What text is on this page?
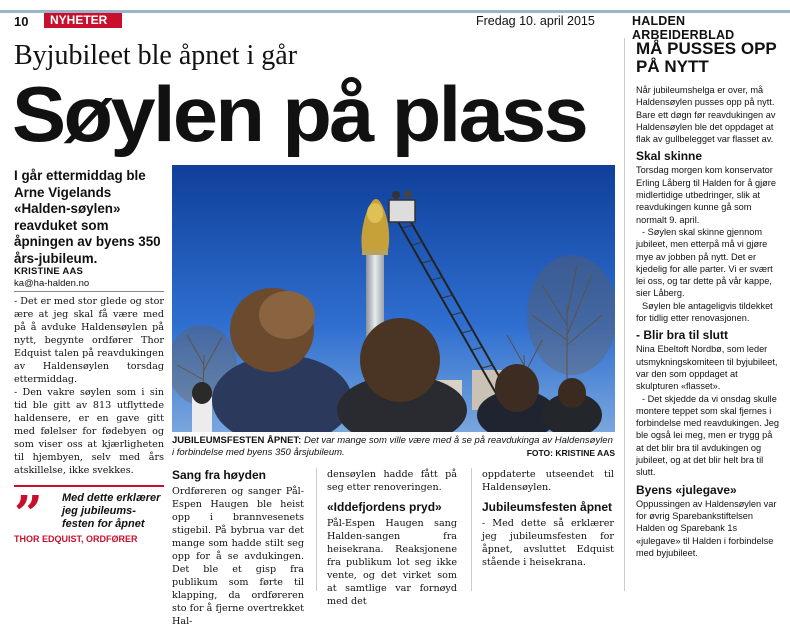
10	NYHETER	Fredag 10. april 2015	HALDEN ARBEIDERBLAD
Byjubileet ble åpnet i går
Søylen på plass
I går ettermiddag ble Arne Vigelands «Halden-søylen» reavduket som åpningen av byens 350 års-jubileum.
KRISTINE AAS
ka@ha-halden.no

- Det er med stor glede og stor ære at jeg skal få være med på å avduke Haldensøylen på nytt, begynte ordfører Thor Edquist talen på reavdukingen av Haldensøylen torsdag ettermiddag.

- Den vakre søylen som i sin tid ble gitt av 813 utflyttede haldensere, er en gave gitt med følelser for fødebyen og som viser oss at kjærligheten til hjembyen, selv med års atskillelse, ikke svekkes.

” Med dette erklærer jeg jubileums-festen for åpnet
THOR EDQUIST, ORDFØRER
JUBILEUMSFESTEN ÅPNET: Det var mange som ville være med å se på reavdukinga av Haldensøylen i forbindelse med byens 350 årsjubileum.	FOTO: KRISTINE AAS
Sang fra høyden
Ordføreren og sanger Pål-Espen Haugen ble heist opp i brannvesenets stigebil. På bybrua var det mange som hadde stilt seg opp for å se avdukingen. Det ble et gisp fra publikum som førte til klapping, da ordføreren sto for å fjerne overtrekket Hal-
densøylen hadde fått på seg etter renoveringen.
«Iddefjordens pryd»
Pål-Espen Haugen sang Halden-sangen fra heisekrana. Reaksjonene fra publikum lot seg ikke vente, og det virket som at samtlige var fornøyd med det
oppdaterte utseendet til Haldensøylen.
Jubileumsfesten åpnet
- Med dette så erklærer jeg jubileumsfesten for åpnet, avsluttet Edquist stående i heisekrana.
MÅ PUSSES OPP PÅ NYTT

Når jubileumshelga er over, må Haldensøylen pusses opp på nytt. Bare ett døgn før reavdukingen av Haldensøylen ble det oppdaget at flak av gullbelegget var flasset av.

Skal skinne

Torsdag morgen kom konservator Erling Låberg til Halden for å gjøre midlertidige utbedringer, slik at reavdukingen kunne gå som normalt 9. april.

- Søylen skal skinne gjennom jubileet, men etterpå må vi gjøre mye av jobben på nytt. Det er kjedelig for alle parter. Vi er svært lei oss, og tar dette på vår kappe, sier Låberg.

Søylen ble antageligvis tildekket for tidlig etter renovasjonen.

- Blir bra til slutt

Nina Ebeltoft Nordbø, som leder utsmykningskomiteen til byjubileet, var den som oppdaget at skulpturen «flasset».

- Det skjedde da vi onsdag skulle montere teppet som skal fjernes i forbindelse med reavdukingen. Jeg ble også lei meg, men er trygg på at det blir bra til avdukingen og jubileet, og at det blir helt bra til slutt.

Byens «julegave»

Oppussingen av Haldensøylen var for øvrig Sparebankstiftelsen Halden og Sparebank 1s «julegave» til Halden i forbindelse med byjubileet.
